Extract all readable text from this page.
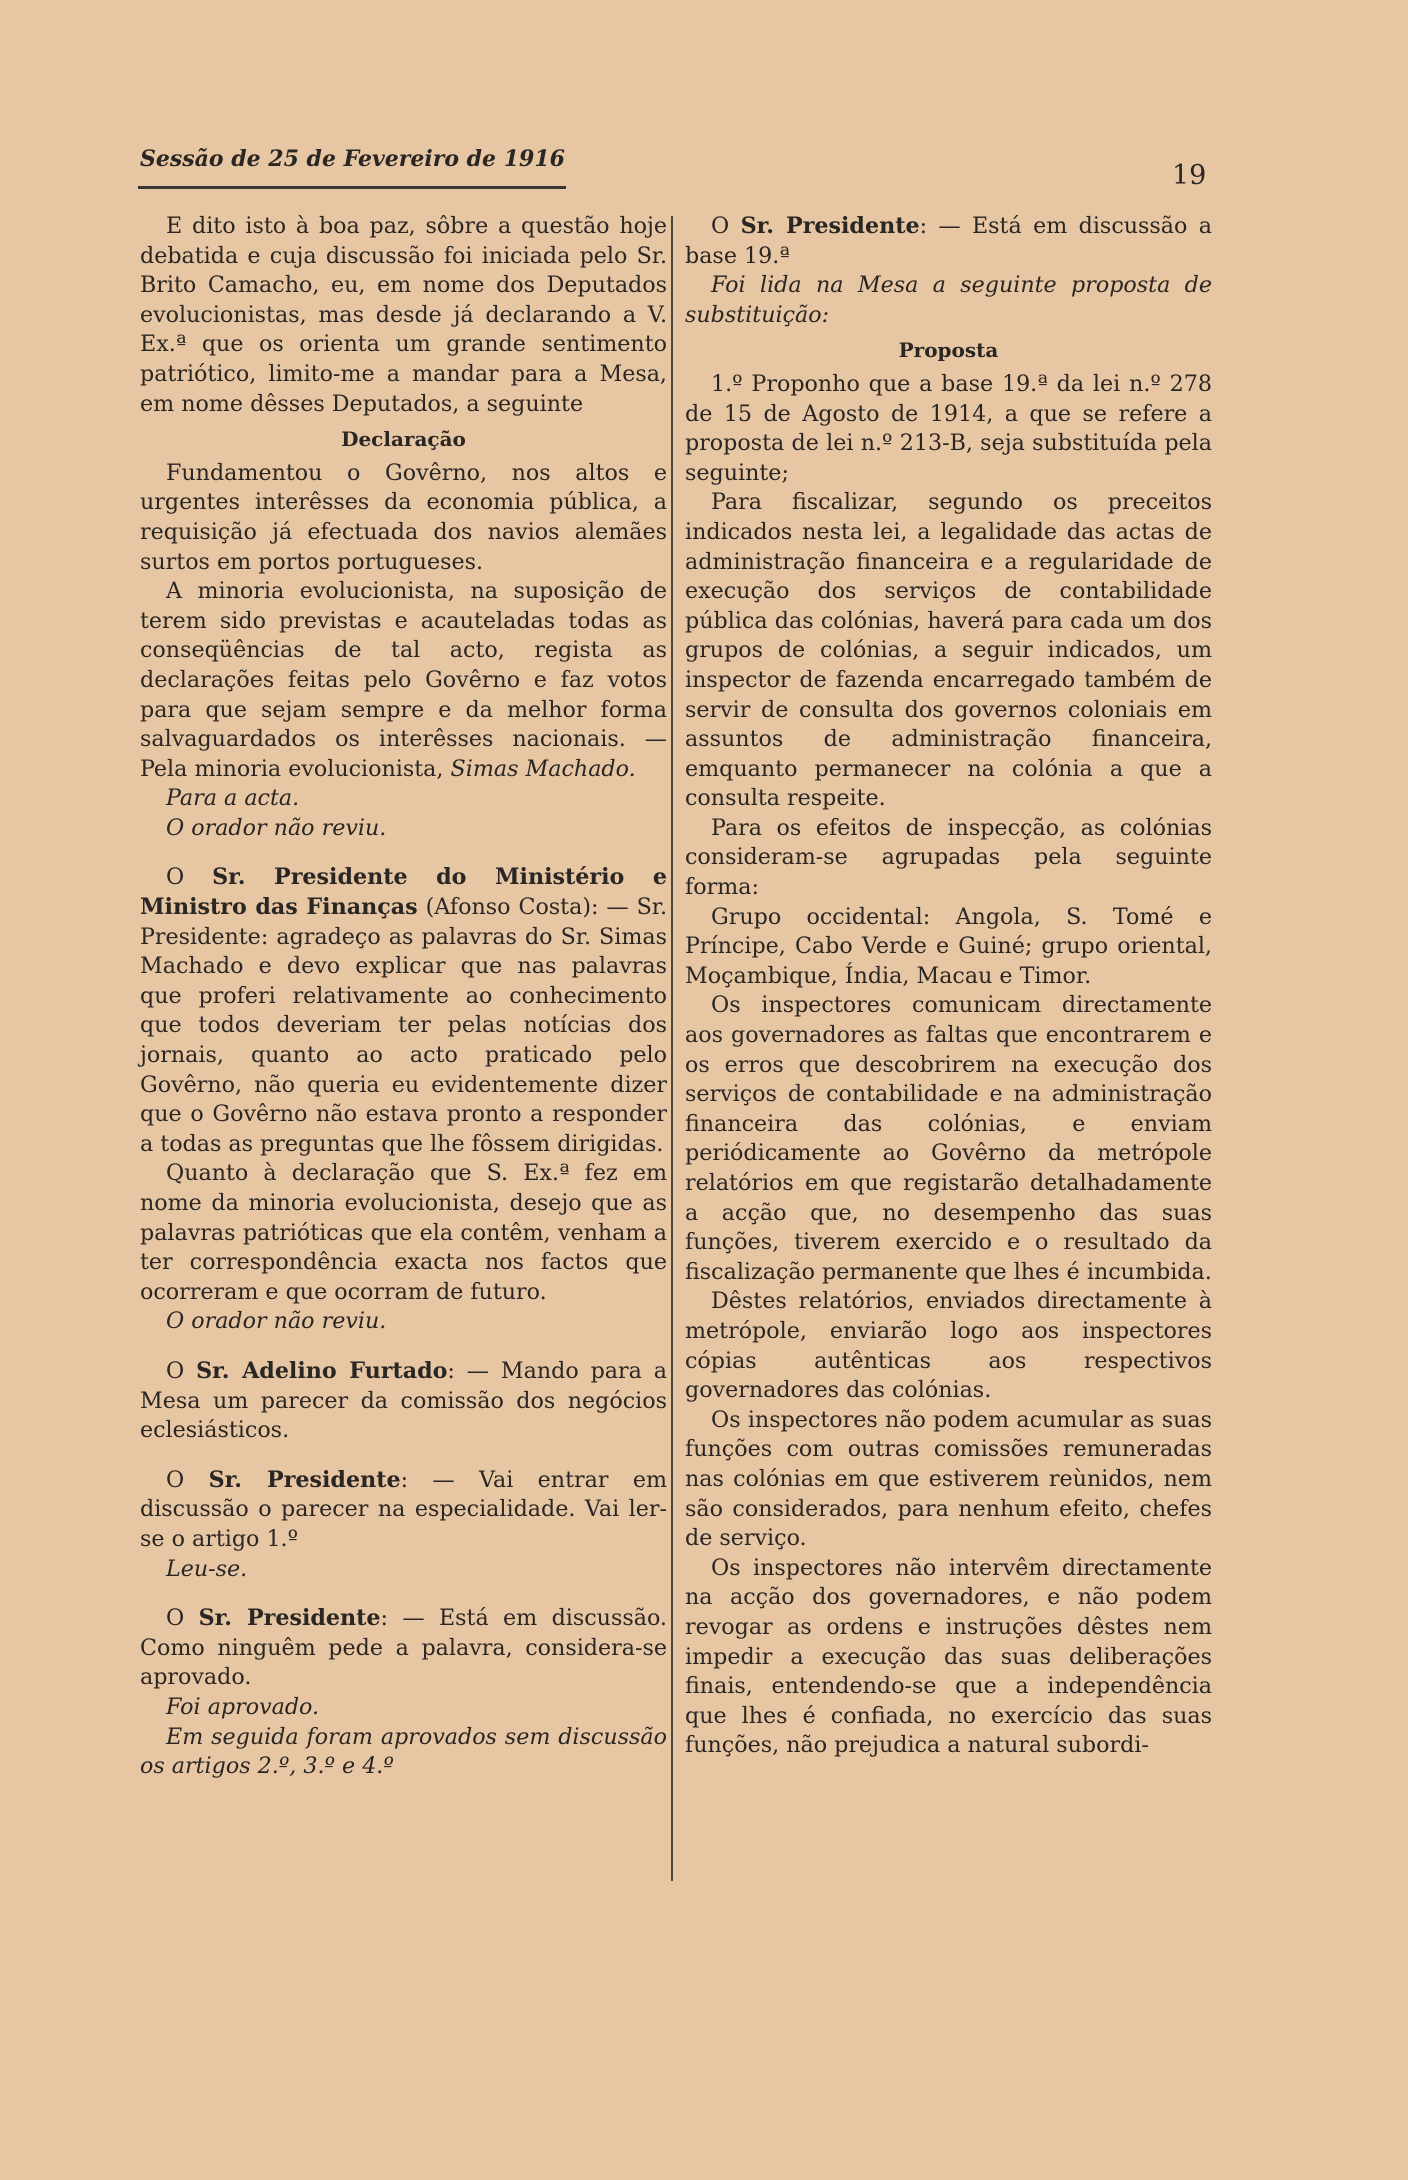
Sessão de 25 de Fevereiro de 1916
19

E dito isto à boa paz, sôbre a questão hoje debatida e cuja discussão foi iniciada pelo Sr. Brito Camacho, eu, em nome dos Deputados evolucionistas, mas desde já declarando a V. Ex.ª que os orienta um grande sentimento patriótico, limito-me a mandar para a Mesa, em nome dêsses Deputados, a seguinte

Declaração

Fundamentou o Govêrno, nos altos e urgentes interêsses da economia pública, a requisição já efectuada dos navios alemães surtos em portos portugueses.

A minoria evolucionista, na suposição de terem sido previstas e acauteladas todas as conseqüências de tal acto, regista as declarações feitas pelo Govêrno e faz votos para que sejam sempre e da melhor forma salvaguardados os interêsses nacionais. — Pela minoria evolucionista, Simas Machado.

Para a acta.

O orador não reviu.

O Sr. Presidente do Ministério e Ministro das Finanças (Afonso Costa): — Sr. Presidente: agradeço as palavras do Sr. Simas Machado e devo explicar que nas palavras que proferi relativamente ao conhecimento que todos deveriam ter pelas notícias dos jornais, quanto ao acto praticado pelo Govêrno, não queria eu evidentemente dizer que o Govêrno não estava pronto a responder a todas as preguntas que lhe fôssem dirigidas.

Quanto à declaração que S. Ex.ª fez em nome da minoria evolucionista, desejo que as palavras patrióticas que ela contêm, venham a ter correspondência exacta nos factos que ocorreram e que ocorram de futuro.

O orador não reviu.

O Sr. Adelino Furtado: — Mando para a Mesa um parecer da comissão dos negócios eclesiásticos.

O Sr. Presidente: — Vai entrar em discussão o parecer na especialidade. Vai ler-se o artigo 1.º

Leu-se.

O Sr. Presidente: — Está em discussão. Como ninguêm pede a palavra, considera-se aprovado.

Foi aprovado.

Em seguida foram aprovados sem discussão os artigos 2.º, 3.º e 4.º

O Sr. Presidente: — Está em discussão a base 19.ª

Foi lida na Mesa a seguinte proposta de substituição:

Proposta

1.º Proponho que a base 19.ª da lei n.º 278 de 15 de Agosto de 1914, a que se refere a proposta de lei n.º 213-B, seja substituída pela seguinte;

Para fiscalizar, segundo os preceitos indicados nesta lei, a legalidade das actas de administração financeira e a regularidade de execução dos serviços de contabilidade pública das colónias, haverá para cada um dos grupos de colónias, a seguir indicados, um inspector de fazenda encarregado também de servir de consulta dos governos coloniais em assuntos de administração financeira, emquanto permanecer na colónia a que a consulta respeite.

Para os efeitos de inspecção, as colónias consideram-se agrupadas pela seguinte forma:

Grupo occidental: Angola, S. Tomé e Príncipe, Cabo Verde e Guiné; grupo oriental, Moçambique, Índia, Macau e Timor.

Os inspectores comunicam directamente aos governadores as faltas que encontrarem e os erros que descobrirem na execução dos serviços de contabilidade e na administração financeira das colónias, e enviam periódicamente ao Govêrno da metrópole relatórios em que registarão detalhadamente a acção que, no desempenho das suas funções, tiverem exercido e o resultado da fiscalização permanente que lhes é incumbida.

Dêstes relatórios, enviados directamente à metrópole, enviarão logo aos inspectores cópias autênticas aos respectivos governadores das colónias.

Os inspectores não podem acumular as suas funções com outras comissões remuneradas nas colónias em que estiverem reùnidos, nem são considerados, para nenhum efeito, chefes de serviço.

Os inspectores não intervêm directamente na acção dos governadores, e não podem revogar as ordens e instruções dêstes nem impedir a execução das suas deliberações finais, entendendo-se que a independência que lhes é confiada, no exercício das suas funções, não prejudica a natural subordi-
